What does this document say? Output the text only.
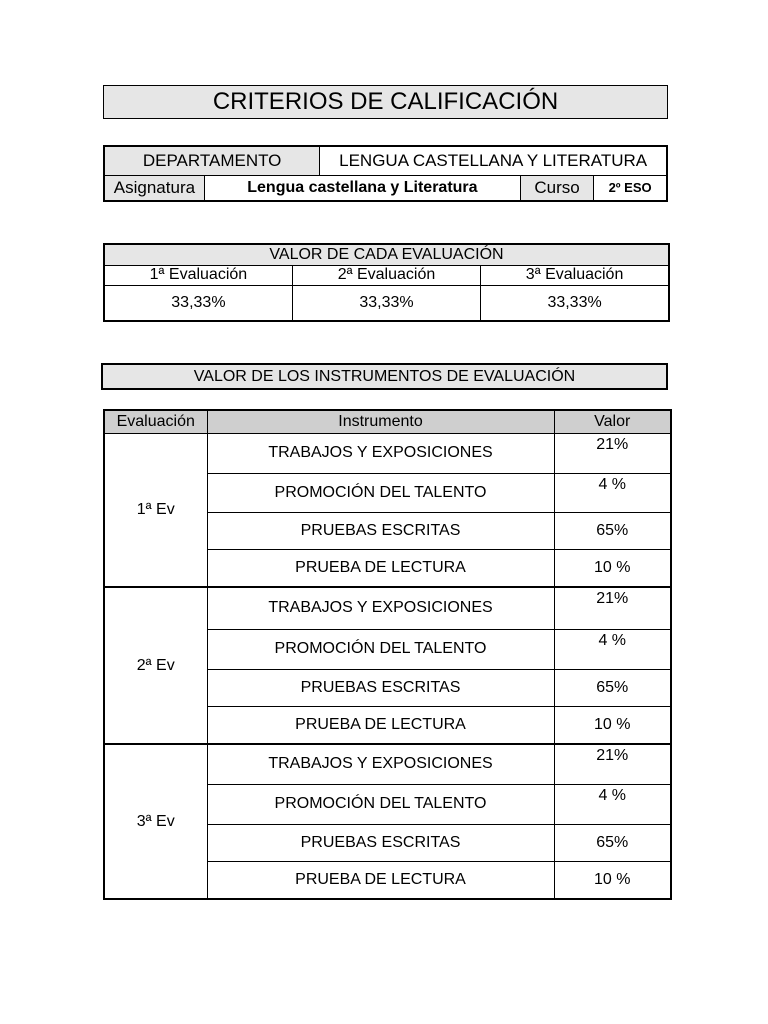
CRITERIOS DE CALIFICACIÓN
DEPARTAMENTO		LENGUA CASTELLANA Y LITERATURA		
Asignatura	Lengua castellana y Literatura		Curso	2º ESO
VALOR DE CADA EVALUACIÓN		
1ª Evaluación	2ª Evaluación	3ª Evaluación
33,33%	33,33%	33,33%
VALOR DE LOS INSTRUMENTOS DE EVALUACIÓN
Evaluación	Instrumento	Valor
1ª Ev	TRABAJOS Y EXPOSICIONES	21%
	PROMOCIÓN DEL TALENTO	4 %
	PRUEBAS ESCRITAS	65%
	PRUEBA DE LECTURA	10 %
2ª Ev	TRABAJOS Y EXPOSICIONES	21%
	PROMOCIÓN DEL TALENTO	4 %
	PRUEBAS ESCRITAS	65%
	PRUEBA DE LECTURA	10 %
3ª Ev	TRABAJOS Y EXPOSICIONES	21%
	PROMOCIÓN DEL TALENTO	4 %
	PRUEBAS ESCRITAS	65%
	PRUEBA DE LECTURA	10 %
